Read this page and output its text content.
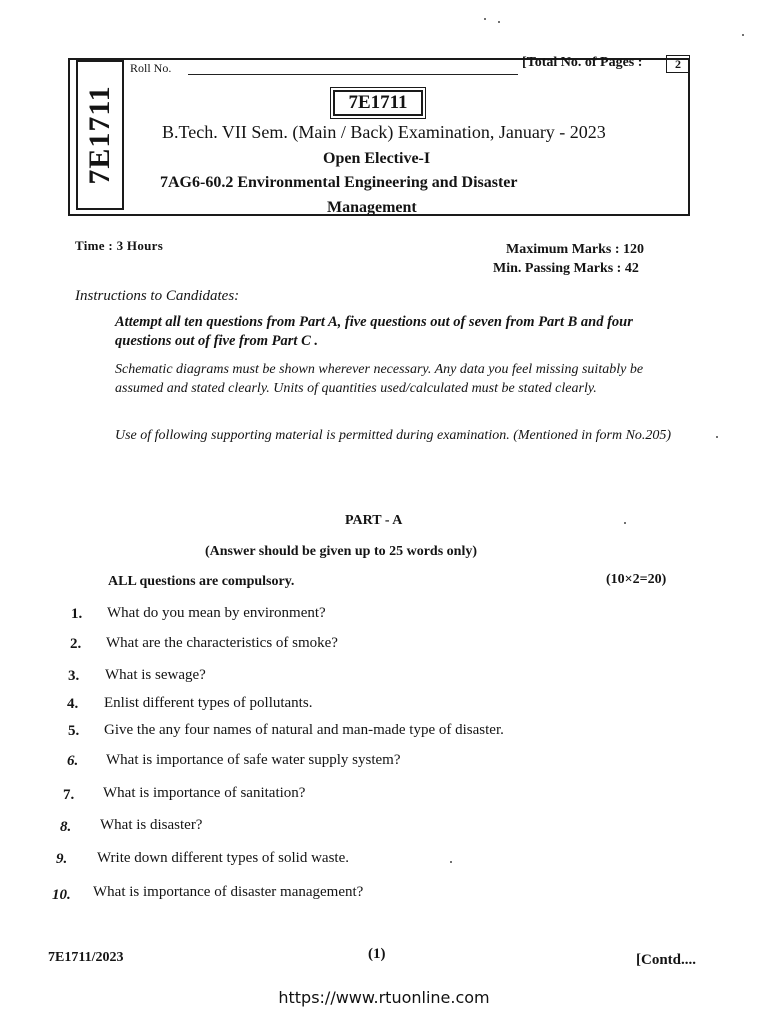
7E1711
Roll No.	[Total No. of Pages :	2
7E1711
B.Tech. VII Sem. (Main / Back) Examination, January - 2023
Open Elective-I
7AG6-60.2 Environmental Engineering and Disaster
Management
Time : 3 Hours	Maximum Marks : 120
Min. Passing Marks : 42
Instructions to Candidates:
Attempt all ten questions from Part A, five questions out of seven from Part B and four questions out of five from Part C .
Schematic diagrams must be shown wherever necessary. Any data you feel missing suitably be assumed and stated clearly. Units of quantities used/calculated must be stated clearly.
Use of following supporting material is permitted during examination. (Mentioned in form No.205)
PART - A
(Answer should be given up to 25 words only)
ALL questions are compulsory.	(10×2=20)
1. What do you mean by environment?
2. What are the characteristics of smoke?
3. What is sewage?
4. Enlist different types of pollutants.
5. Give the any four names of natural and man-made type of disaster.
6. What is importance of safe water supply system?
7. What is importance of sanitation?
8. What is disaster?
9. Write down different types of solid waste.
10. What is importance of disaster management?
7E1711/2023	(1)	[Contd....
https://www.rtuonline.com
